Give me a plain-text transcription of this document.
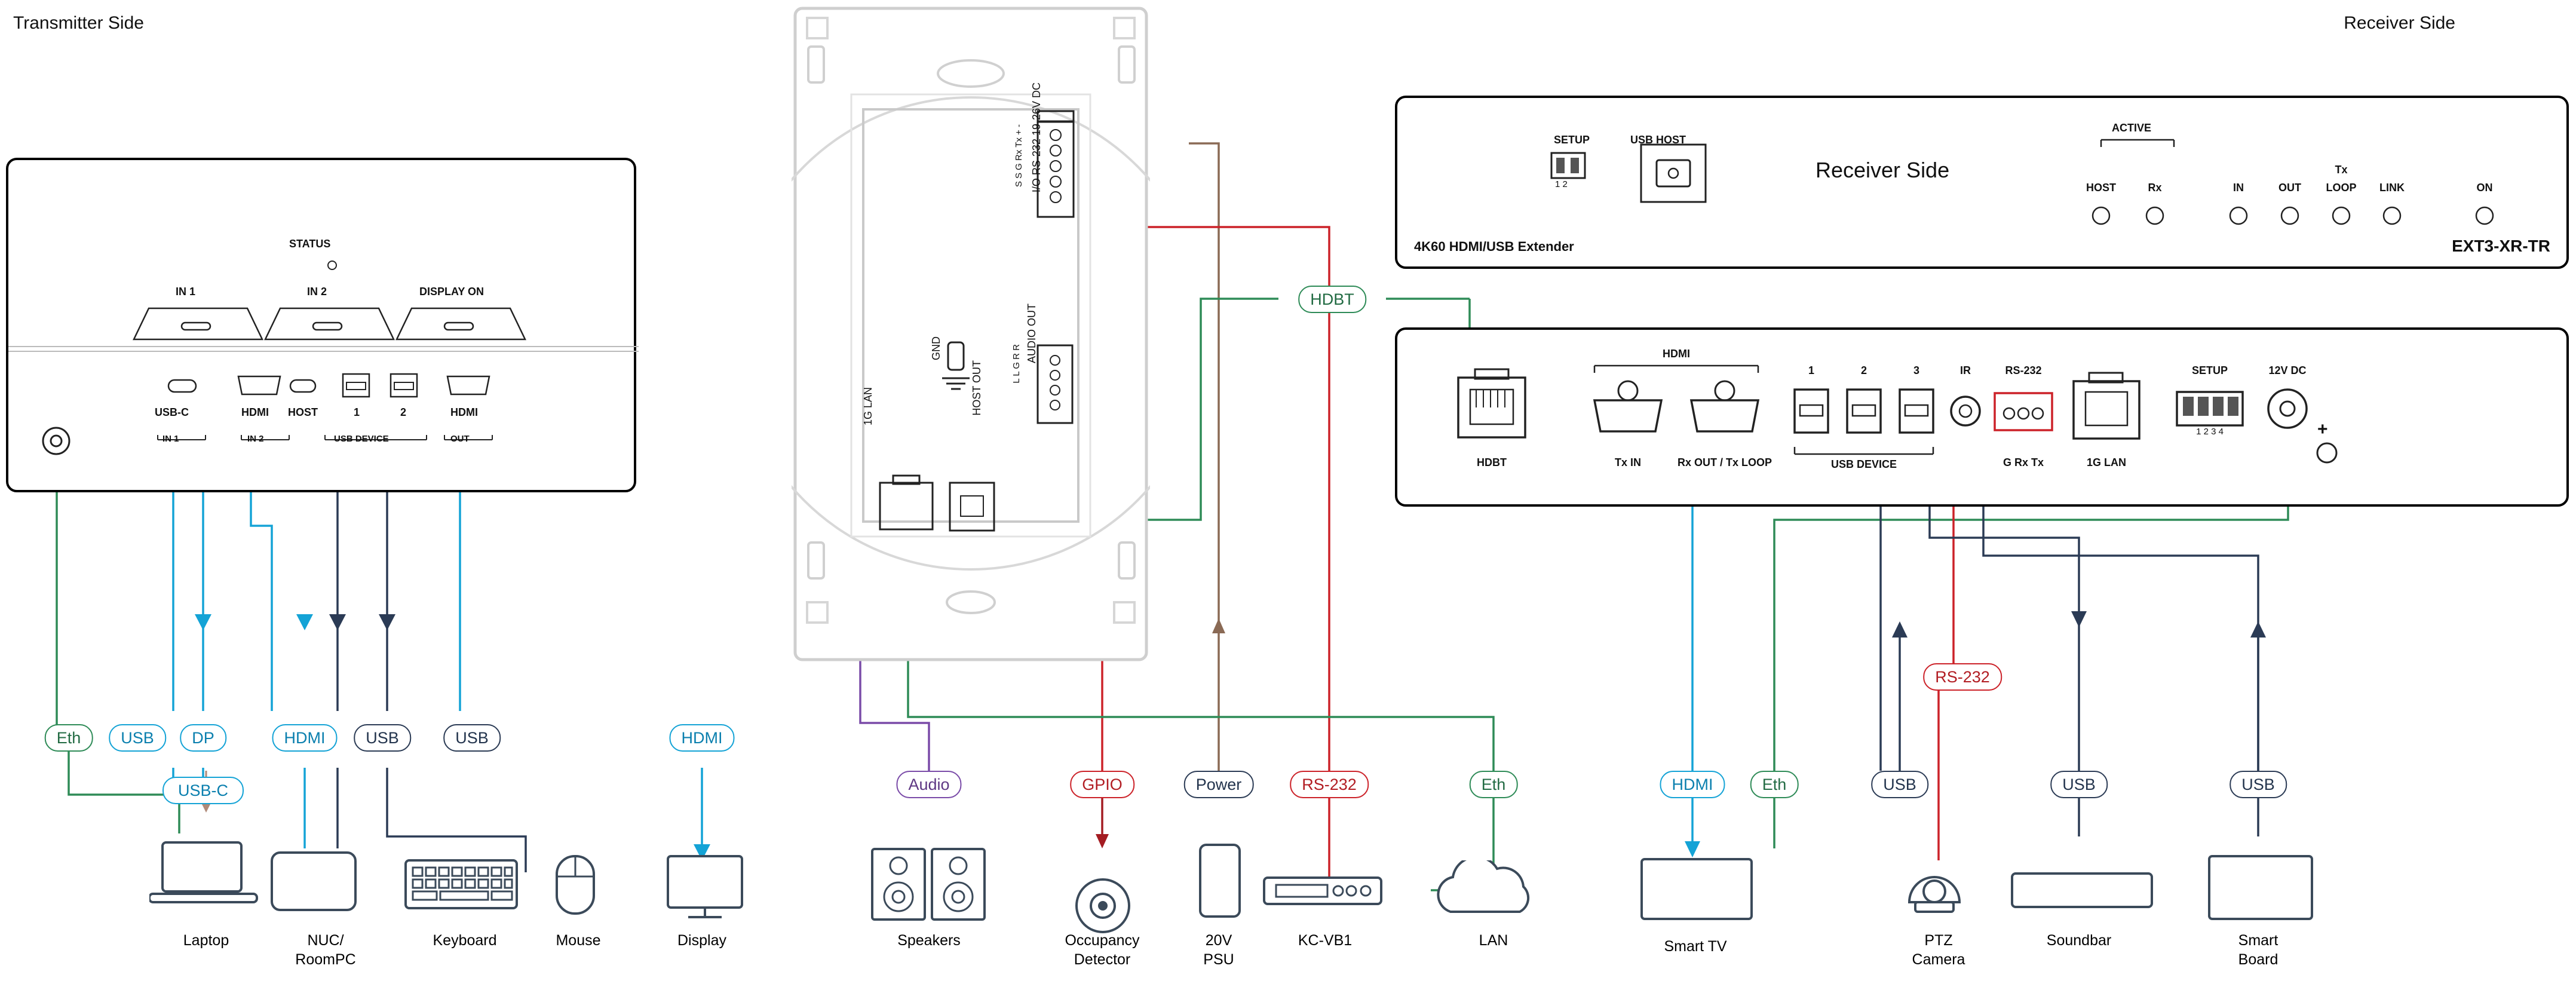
Transmitter Side	Receiver Side
STATUS
IN 1	IN 2	DISPLAY ON
USB-C	HDMI HOST	1	2	HDMI
IN 1	IN 2	USB DEVICE	OUT
I/O RS-232 19-26V DC
S S G Rx Tx + -
AUDIO OUT
L L G R R
GND
HOST OUT
1G LAN
SETUP
1 2
USB HOST
Receiver Side
ACTIVE
HOST	Rx	IN	OUT
Tx
LOOP LINK	ON
4K60 HDMI/USB Extender	EXT3-XR-TR
HDBT
HDMI
Tx IN	Rx OUT / Tx LOOP
1	2	3
USB DEVICE
IR	RS-232
G Rx Tx	1G LAN
SETUP
1 2 3 4
12V DC
+
Eth	USB	DP
USB-C
HDMI	USB	USB	HDMI
Audio	GPIO	Power	RS-232	Eth
HDBT
HDMI	Eth	USB
RS-232
USB	USB
Laptop	NUC/
RoomPC
Keyboard	Mouse	Display	Speakers	Occupancy
Detector
20V
PSU
KC-VB1	LAN	Smart TV	PTZ
Camera
Soundbar	Smart
Board
